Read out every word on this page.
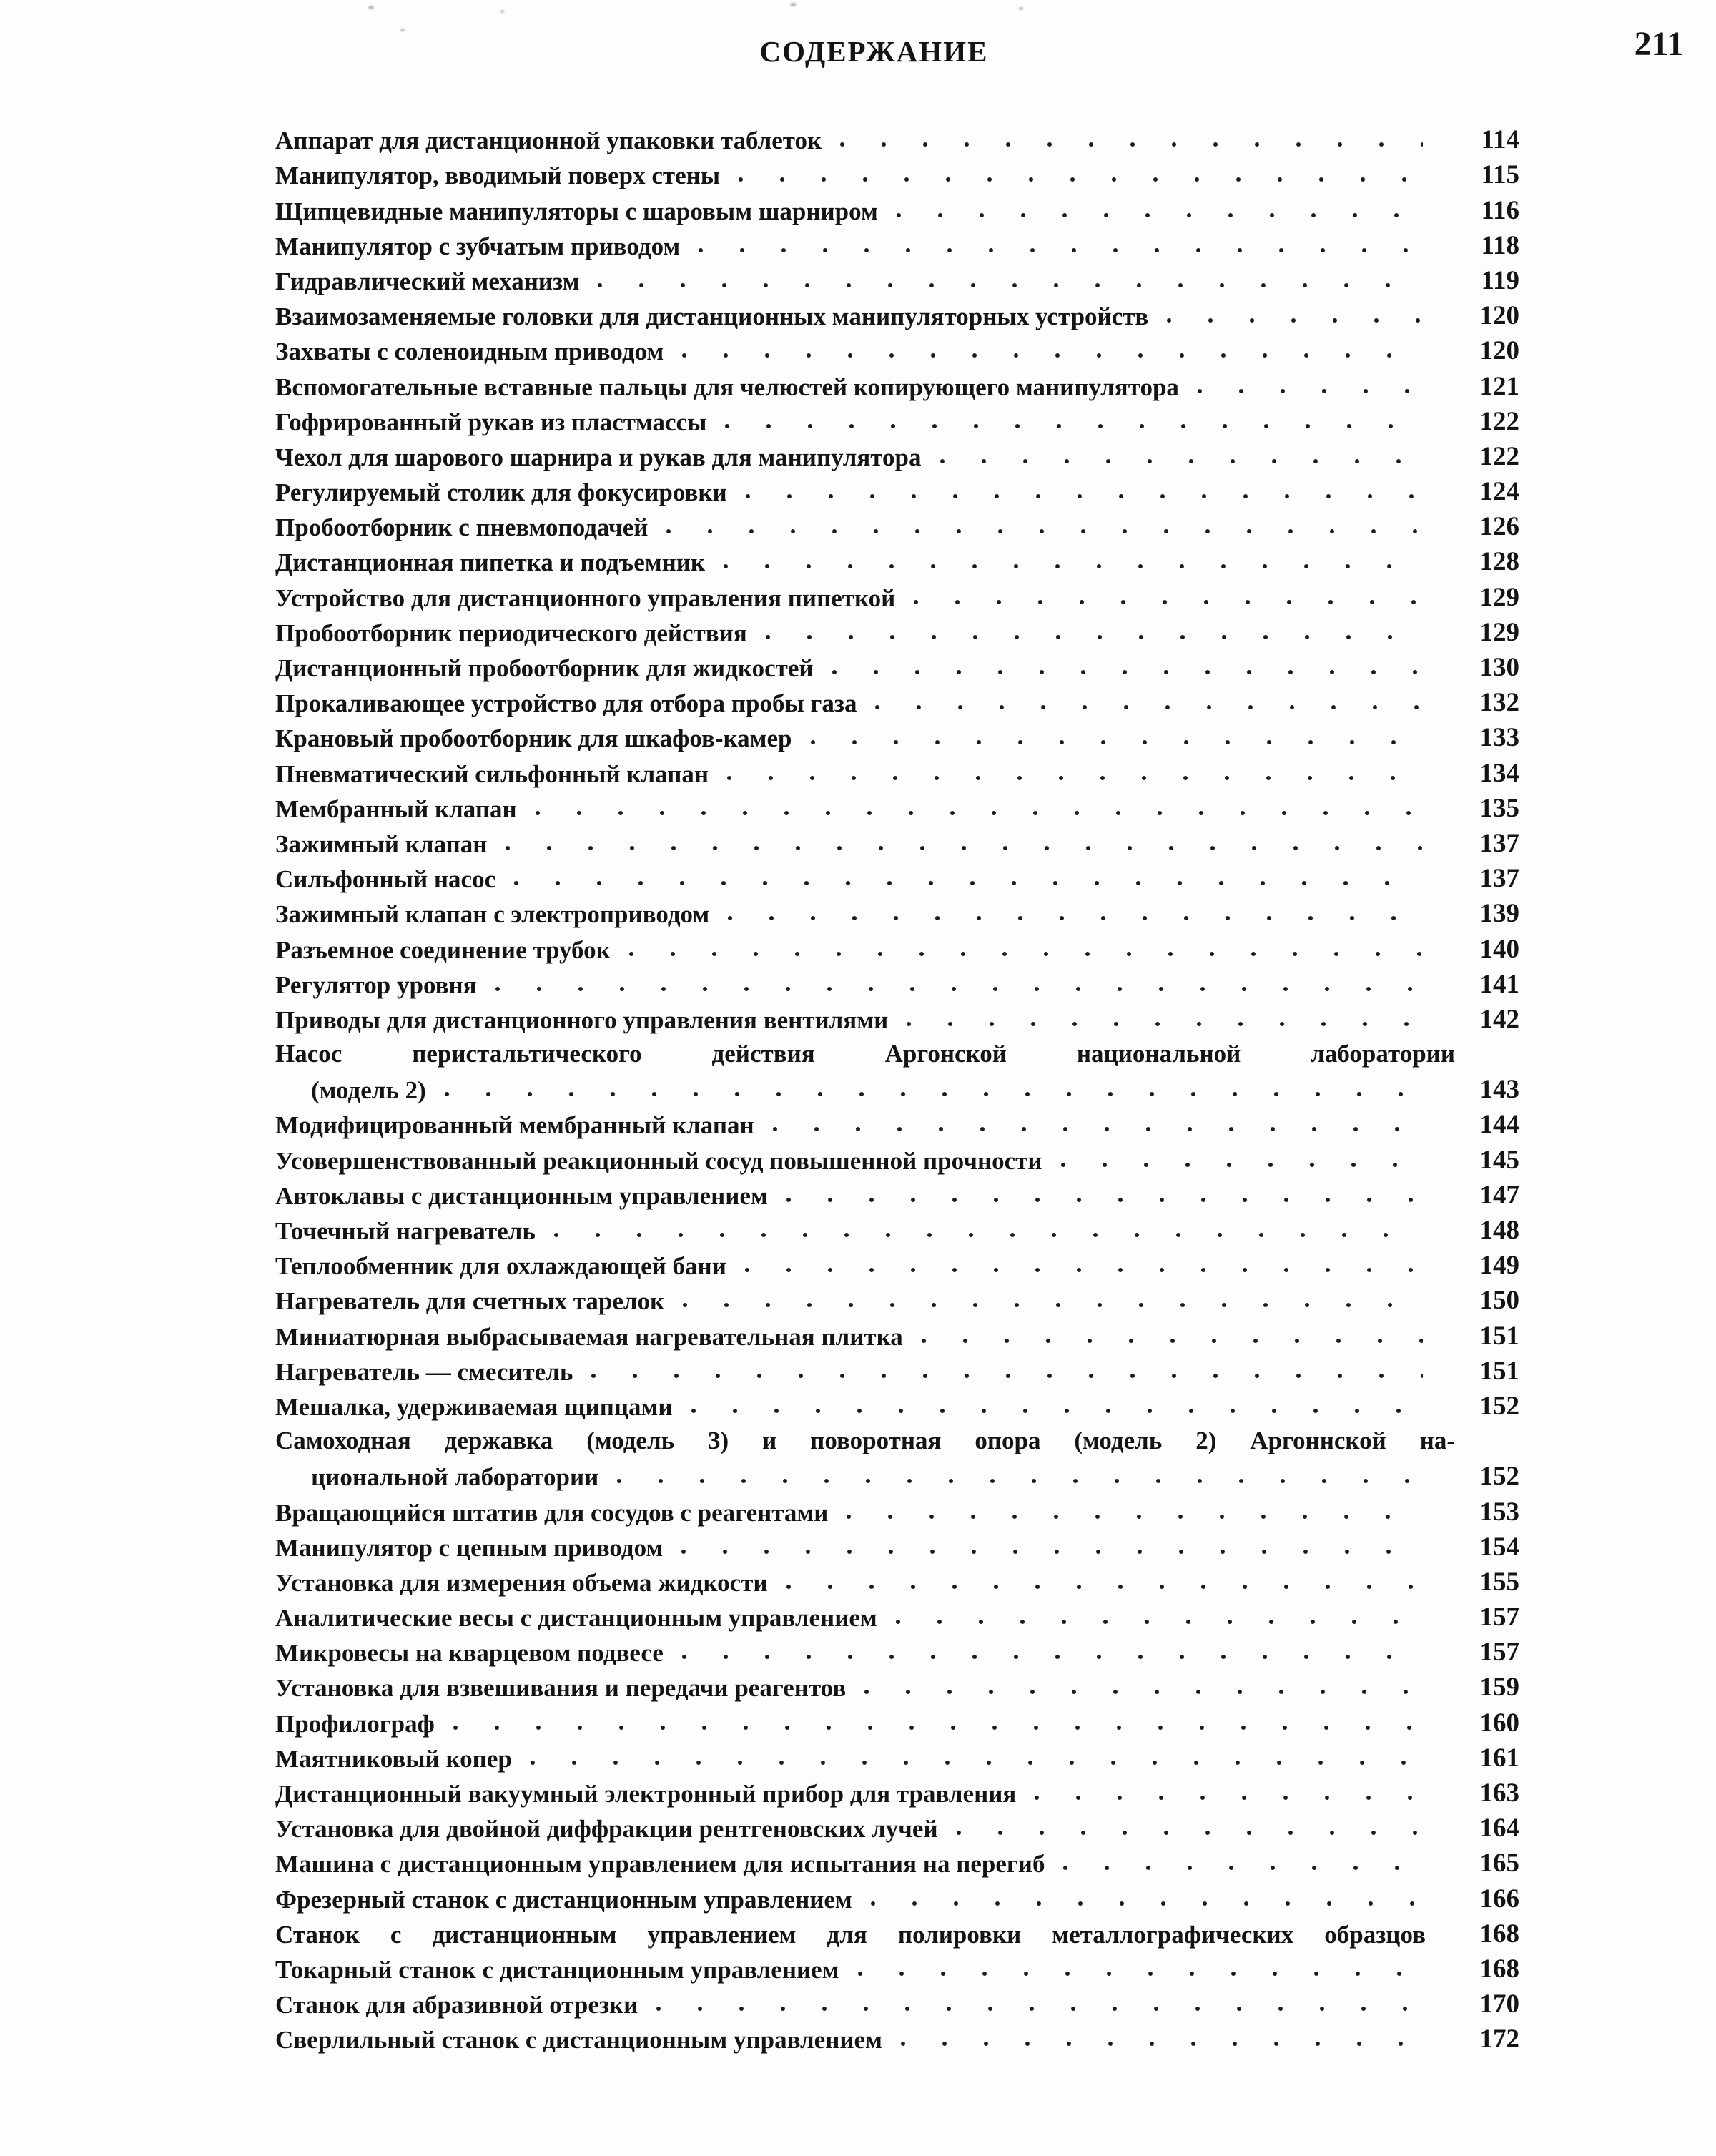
СОДЕРЖАНИЕ	211
Аппарат для дистанционной упаковки таблеток	114
Манипулятор, вводимый поверх стены	115
Щипцевидные манипуляторы с шаровым шарниром	116
Манипулятор с зубчатым приводом	118
Гидравлический механизм	119
Взаимозаменяемые головки для дистанционных манипуляторных устройств	120
Захваты с соленоидным приводом	120
Вспомогательные вставные пальцы для челюстей копирующего манипулятора	121
Гофрированный рукав из пластмассы	122
Чехол для шарового шарнира и рукав для манипулятора	122
Регулируемый столик для фокусировки	124
Пробоотборник с пневмоподачей	126
Дистанционная пипетка и подъемник	128
Устройство для дистанционного управления пипеткой	129
Пробоотборник периодического действия	129
Дистанционный пробоотборник для жидкостей	130
Прокаливающее устройство для отбора пробы газа	132
Крановый пробоотборник для шкафов-камер	133
Пневматический сильфонный клапан	134
Мембранный клапан	135
Зажимный клапан	137
Сильфонный насос	137
Зажимный клапан с электроприводом	139
Разъемное соединение трубок	140
Регулятор уровня	141
Приводы для дистанционного управления вентилями	142
Насос перистальтического действия Аргонской национальной лаборатории
(модель 2)	143
Модифицированный мембранный клапан	144
Усовершенствованный реакционный сосуд повышенной прочности	145
Автоклавы с дистанционным управлением	147
Точечный нагреватель	148
Теплообменник для охлаждающей бани	149
Нагреватель для счетных тарелок	150
Миниатюрная выбрасываемая нагревательная плитка	151
Нагреватель — смеситель	151
Мешалка, удерживаемая щипцами	152
Самоходная державка (модель 3) и поворотная опора (модель 2) Аргоннской на-
циональной лаборатории	152
Вращающийся штатив для сосудов с реагентами	153
Манипулятор с цепным приводом	154
Установка для измерения объема жидкости	155
Аналитические весы с дистанционным управлением	157
Микровесы на кварцевом подвесе	157
Установка для взвешивания и передачи реагентов	159
Профилограф	160
Маятниковый копер	161
Дистанционный вакуумный электронный прибор для травления	163
Установка для двойной диффракции рентгеновских лучей	164
Машина с дистанционным управлением для испытания на перегиб	165
Фрезерный станок с дистанционным управлением	166
Станок с дистанционным управлением для полировки металлографических образцов	168
Токарный станок с дистанционным управлением	168
Станок для абразивной отрезки	170
Сверлильный станок с дистанционным управлением	172
